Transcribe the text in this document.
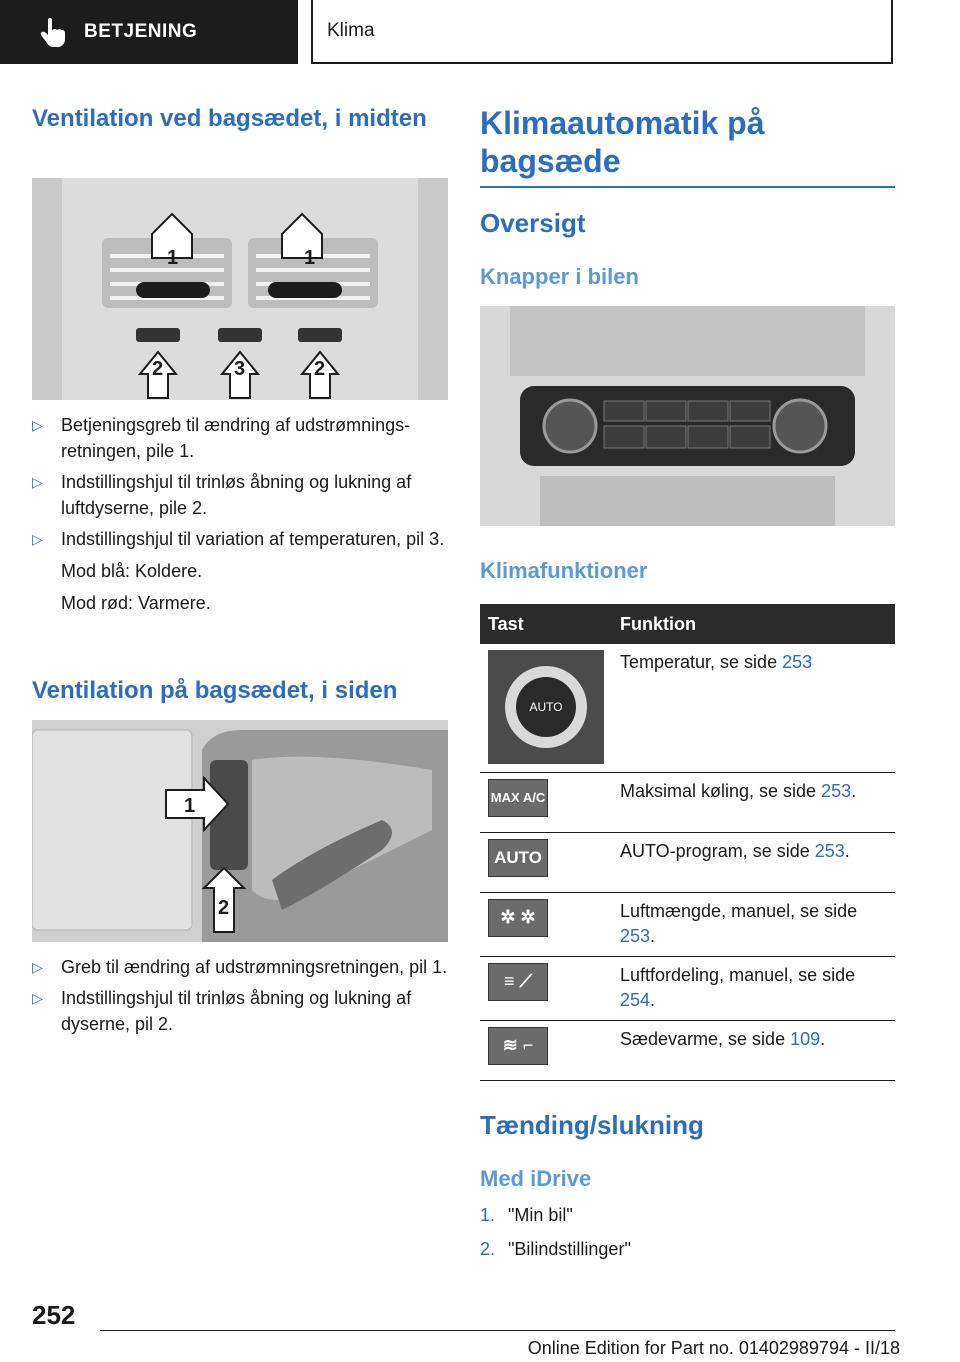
BETJENING	Klima
Ventilation ved bagsædet, i midten
1	1
2	3	2
▷ Betjeningsgreb til ændring af udstrømnings-retningen, pile 1.
▷ Indstillingshjul til trinløs åbning og lukning af luftdyserne, pile 2.
▷ Indstillingshjul til variation af temperaturen, pil 3.
Mod blå: Koldere.
Mod rød: Varmere.
Ventilation på bagsædet, i siden
1
2
▷ Greb til ændring af udstrømningsretningen, pil 1.
▷ Indstillingshjul til trinløs åbning og lukning af dyserne, pil 2.
Klimaautomatik på bagsæde
Oversigt
Knapper i bilen
Klimafunktioner
Tast	Funktion

AUTO	Temperatur, se side 253

MAX A/C	Maksimal køling, se side 253.

AUTO	AUTO-program, se side 253.

✲ ✲	Luftmængde, manuel, se side 253.

≡ ⟋	Luftfordeling, manuel, se side 254.

≋ ⌐	Sædevarme, se side 109.
Tænding/slukning
Med iDrive
1. "Min bil"
2. "Bilindstillinger"
252
Online Edition for Part no. 01402989794 - II/18
